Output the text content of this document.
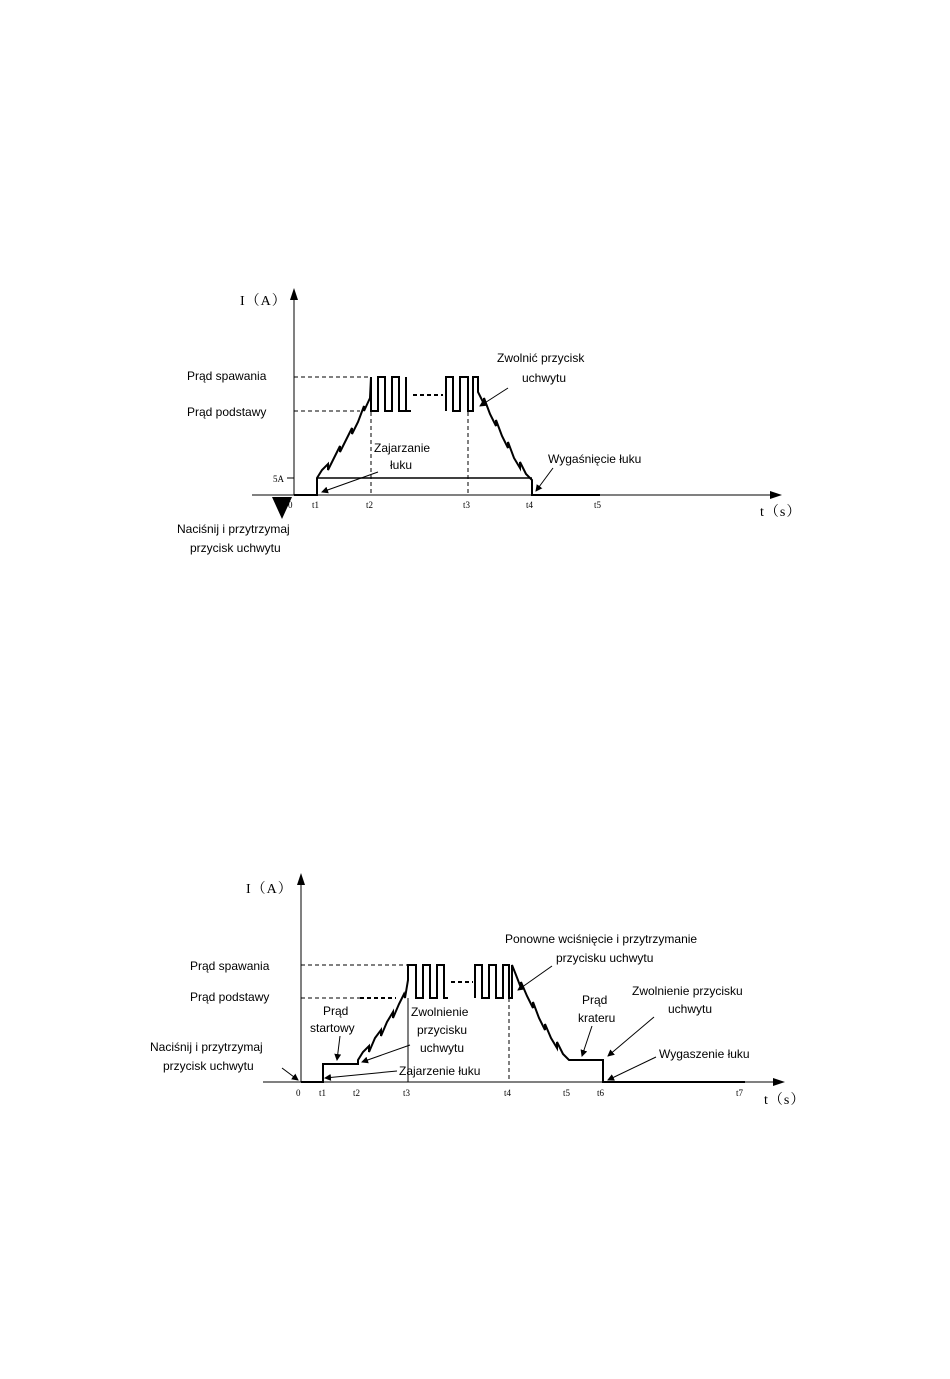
I（A）
t（s）
Prąd spawania
Prąd podstawy
5A
0 t1	t2	t3	t4	t5
Zwolnić przycisk
uchwytu
Zajarzanie
łuku	Wygaśnięcie łuku
Naciśnij i przytrzymaj
przycisk uchwytu
I（A）
t（s）
Prąd spawania
Prąd podstawy
0 t1	t2	t3	t4	t5	t6	t7
Ponowne wciśnięcie i przytrzymanie
przycisku uchwytu
Prąd
startowy
Zwolnienie
przycisku
uchwytu
Zajarzenie łuku
Prąd
krateru
Zwolnienie przycisku
uchwytu
Wygaszenie łuku
Naciśnij i przytrzymaj
przycisk uchwytu
